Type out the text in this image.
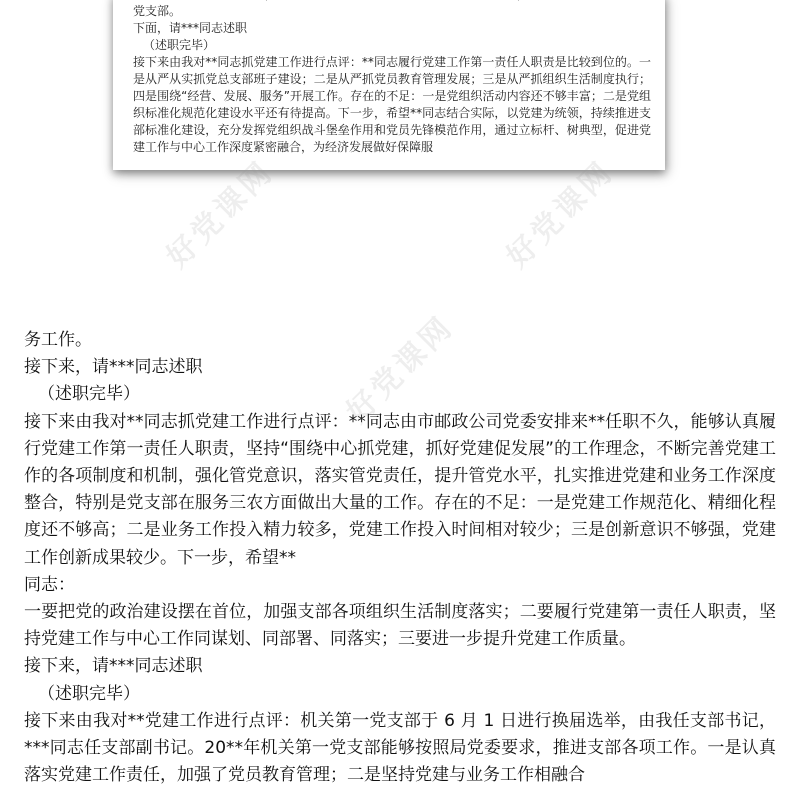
党支部。

下面，请***同志述职

（述职完毕）

接下来由我对**同志抓党建工作进行点评：**同志履行党建工作第一责任人职责是比较到位的。一是从严从实抓党总支部班子建设；二是从严抓党员教育管理发展；三是从严抓组织生活制度执行；四是围绕“经营、发展、服务”开展工作。存在的不足：一是党组织活动内容还不够丰富；二是党组织标准化规范化建设水平还有待提高。下一步，希望**同志结合实际，以党建为统领，持续推进支部标准化建设，充分发挥党组织战斗堡垒作用和党员先锋模范作用，通过立标杆、树典型，促进党建工作与中心工作深度紧密融合，为经济发展做好保障服

务工作。

接下来，请***同志述职

（述职完毕）

接下来由我对**同志抓党建工作进行点评：**同志由市邮政公司党委安排来**任职不久，能够认真履行党建工作第一责任人职责，坚持“围绕中心抓党建，抓好党建促发展”的工作理念，不断完善党建工作的各项制度和机制，强化管党意识，落实管党责任，提升管党水平，扎实推进党建和业务工作深度整合，特别是党支部在服务三农方面做出大量的工作。存在的不足：一是党建工作规范化、精细化程度还不够高；二是业务工作投入精力较多，党建工作投入时间相对较少；三是创新意识不够强，党建工作创新成果较少。下一步，希望**

同志：

一要把党的政治建设摆在首位，加强支部各项组织生活制度落实；二要履行党建第一责任人职责，坚持党建工作与中心工作同谋划、同部署、同落实；三要进一步提升党建工作质量。

接下来，请***同志述职

（述职完毕）

接下来由我对**党建工作进行点评：机关第一党支部于 6 月 1 日进行换届选举，由我任支部书记，***同志任支部副书记。20**年机关第一党支部能够按照局党委要求，推进支部各项工作。一是认真落实党建工作责任，加强了党员教育管理；二是坚持党建与业务工作相融合

好党课网	好党课网
好党课网
